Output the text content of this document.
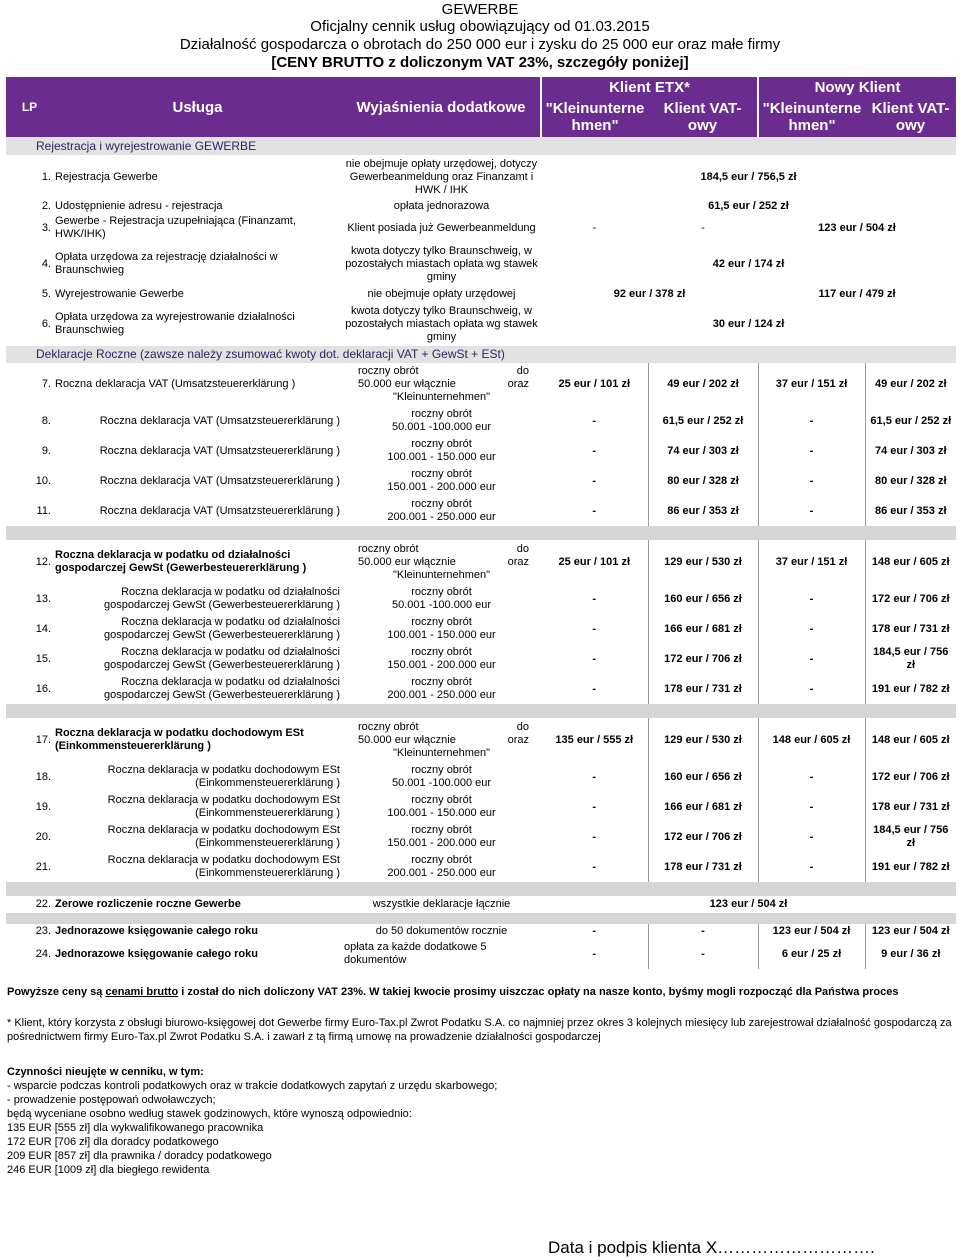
GEWERBE
Oficjalny cennik usług obowiązujący od 01.03.2015
Działalność gospodarcza o obrotach do 250 000 eur i zysku do 25 000 eur oraz małe firmy
[CENY BRUTTO z doliczonym VAT 23%, szczegóły poniżej]
LP	Usługa	Wyjaśnienia dodatkowe	Klient ETX*		Nowy Klient	
			"Kleinunterne hmen"	Klient VAT-owy	"Kleinunterne hmen"	Klient VAT-owy
Rejestracja i wyrejestrowanie GEWERBE						
1.	Rejestracja Gewerbe	nie obejmuje opłaty urzędowej, dotyczy Gewerbeanmeldung oraz Finanzamt i HWK / IHK	184,5 eur / 756,5 zł			
2.	Udostępnienie adresu - rejestracja	opłata jednorazowa	61,5 eur / 252 zł			
3.	Gewerbe - Rejestracja uzupełniająca (Finanzamt, HWK/IHK)	Klient posiada już Gewerbeanmeldung	-	-	123 eur / 504 zł	
4.	Opłata urzędowa za rejestrację działalności w Braunschwieg	kwota dotyczy tylko Braunschweig, w pozostałych miastach opłata wg stawek gminy	42 eur / 174 zł			
5.	Wyrejestrowanie Gewerbe	nie obejmuje opłaty urzędowej	92 eur / 378 zł		117 eur / 479 zł	
6.	Opłata urzędowa za wyrejestrowanie działalności Braunschwieg	kwota dotyczy tylko Braunschweig, w pozostałych miastach opłata wg stawek gminy	30 eur / 124 zł			
Deklaracje Roczne (zawsze należy zsumować kwoty dot. deklaracji VAT + GewSt + ESt)						
7.	Roczna deklaracja VAT (Umsatzsteuererklärung )	roczny obrót do
50.000 eur włącznie oraz
"Kleinunternehmen"	25 eur / 101 zł	49 eur / 202 zł	37 eur / 151 zł	49 eur / 202 zł
8.	Roczna deklaracja VAT (Umsatzsteuererklärung )	roczny obrót
50.001 -100.000 eur	-	61,5 eur / 252 zł	-	61,5 eur / 252 zł
9.	Roczna deklaracja VAT (Umsatzsteuererklärung )	roczny obrót
100.001 - 150.000 eur	-	74 eur / 303 zł	-	74 eur / 303 zł
10.	Roczna deklaracja VAT (Umsatzsteuererklärung )	roczny obrót
150.001 - 200.000 eur	-	80 eur / 328 zł	-	80 eur / 328 zł
11.	Roczna deklaracja VAT (Umsatzsteuererklärung )	roczny obrót
200.001 - 250.000 eur	-	86 eur / 353 zł	-	86 eur / 353 zł

12.	Roczna deklaracja w podatku od działalności gospodarczej GewSt (Gewerbesteuererklärung )	roczny obrót do
50.000 eur włącznie oraz
"Kleinunternehmen"	25 eur / 101 zł	129 eur / 530 zł	37 eur / 151 zł	148 eur / 605 zł
13.	Roczna deklaracja w podatku od działalności gospodarczej GewSt (Gewerbesteuererklärung )	roczny obrót
50.001 -100.000 eur	-	160 eur / 656 zł	-	172 eur / 706 zł
14.	Roczna deklaracja w podatku od działalności gospodarczej GewSt (Gewerbesteuererklärung )	roczny obrót
100.001 - 150.000 eur	-	166 eur / 681 zł	-	178 eur / 731 zł
15.	Roczna deklaracja w podatku od działalności gospodarczej GewSt (Gewerbesteuererklärung )	roczny obrót
150.001 - 200.000 eur	-	172 eur / 706 zł	-	184,5 eur / 756 zł
16.	Roczna deklaracja w podatku od działalności gospodarczej GewSt (Gewerbesteuererklärung )	roczny obrót
200.001 - 250.000 eur	-	178 eur / 731 zł	-	191 eur / 782 zł

17.	Roczna deklaracja w podatku dochodowym ESt (Einkommensteuererklärung )	roczny obrót do
50.000 eur włącznie oraz
"Kleinunternehmen"	135 eur / 555 zł	129 eur / 530 zł	148 eur / 605 zł	148 eur / 605 zł
18.	Roczna deklaracja w podatku dochodowym ESt (Einkommensteuererklärung )	roczny obrót
50.001 -100.000 eur	-	160 eur / 656 zł	-	172 eur / 706 zł
19.	Roczna deklaracja w podatku dochodowym ESt (Einkommensteuererklärung )	roczny obrót
100.001 - 150.000 eur	-	166 eur / 681 zł	-	178 eur / 731 zł
20.	Roczna deklaracja w podatku dochodowym ESt (Einkommensteuererklärung )	roczny obrót
150.001 - 200.000 eur	-	172 eur / 706 zł	-	184,5 eur / 756 zł
21.	Roczna deklaracja w podatku dochodowym ESt (Einkommensteuererklärung )	roczny obrót
200.001 - 250.000 eur	-	178 eur / 731 zł	-	191 eur / 782 zł

22.	Zerowe rozliczenie roczne Gewerbe	wszystkie deklaracje łącznie	123 eur / 504 zł			

23.	Jednorazowe księgowanie całego roku	do 50 dokumentów rocznie	-	-	123 eur / 504 zł	123 eur / 504 zł
24.	Jednorazowe księgowanie całego roku	opłata za każde dodatkowe 5 dokumentów	-	-	6 eur / 25 zł	9 eur / 36 zł
Powyższe ceny są cenami brutto i został do nich doliczony VAT 23%. W takiej kwocie prosimy uiszczac opłaty na nasze konto, byśmy mogli rozpocząć dla Państwa proces
* Klient, który korzysta z obsługi biurowo-księgowej dot Gewerbe firmy Euro-Tax.pl Zwrot Podatku S.A. co najmniej przez okres 3 kolejnych miesięcy lub zarejestrował działalność gospodarczą za pośrednictwem firmy Euro-Tax.pl Zwrot Podatku S.A. i zawarł z tą firmą umowę na prowadzenie działalności gospodarczej
Czynności nieujęte w cenniku, w tym:
- wsparcie podczas kontroli podatkowych oraz w trakcie dodatkowych zapytań z urzędu skarbowego;
- prowadzenie postępowań odwoławczych;
będą wyceniane osobno według stawek godzinowych, które wynoszą odpowiednio:
135 EUR [555 zł] dla wykwalifikowanego pracownika
172 EUR [706 zł] dla doradcy podatkowego
209 EUR [857 zł] dla prawnika / doradcy podatkowego
246 EUR [1009 zł] dla biegłego rewidenta
Data i podpis klienta X……………………….
